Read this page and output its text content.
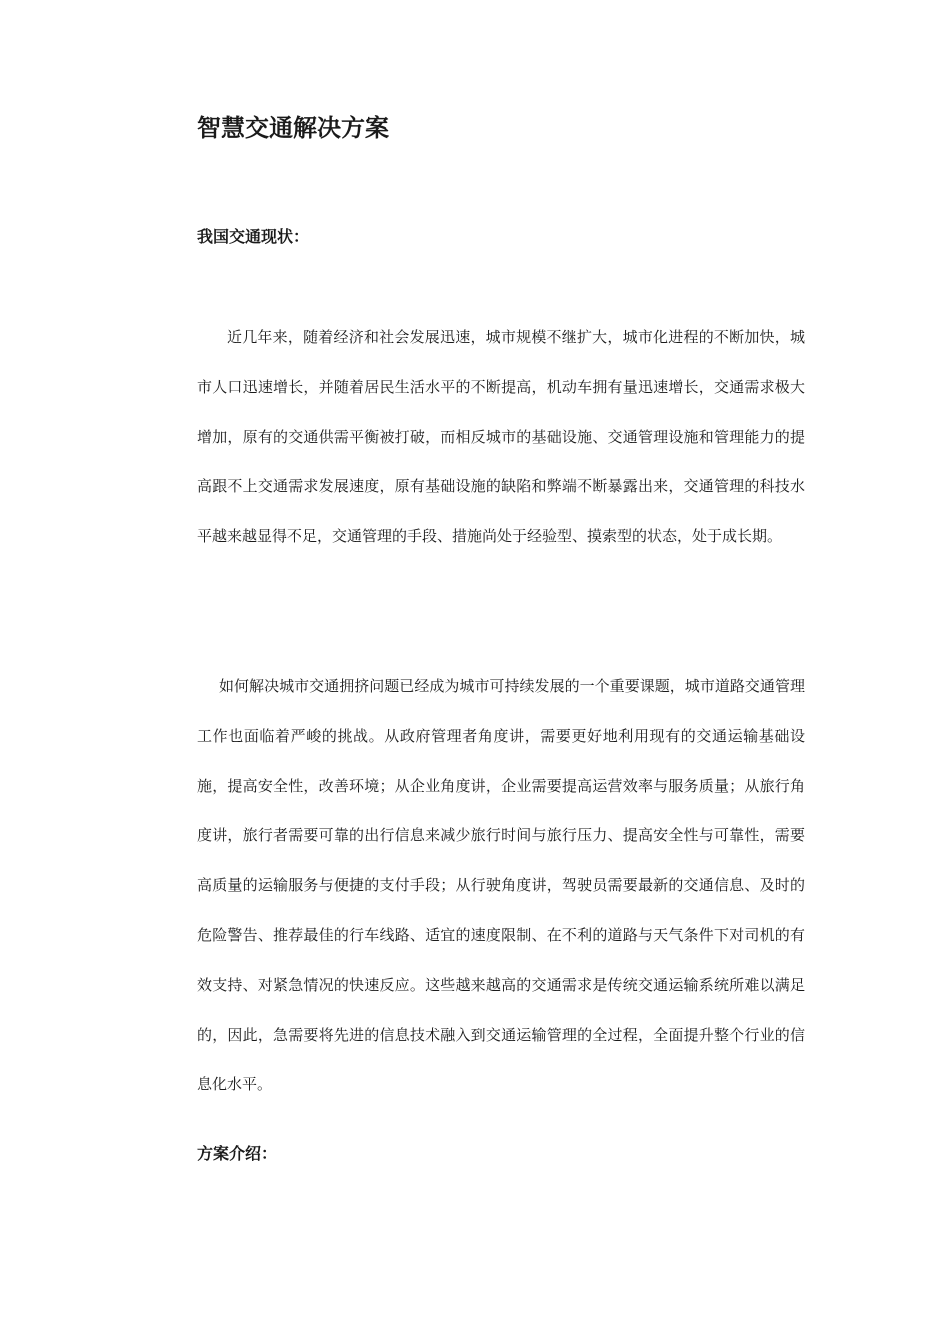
智慧交通解决方案
我国交通现状：

近几年来，随着经济和社会发展迅速，城市规模不继扩大，城市化进程的不断加快，城市人口迅速增长，并随着居民生活水平的不断提高，机动车拥有量迅速增长，交通需求极大增加，原有的交通供需平衡被打破，而相反城市的基础设施、交通管理设施和管理能力的提高跟不上交通需求发展速度，原有基础设施的缺陷和弊端不断暴露出来，交通管理的科技水平越来越显得不足，交通管理的手段、措施尚处于经验型、摸索型的状态，处于成长期。

如何解决城市交通拥挤问题已经成为城市可持续发展的一个重要课题，城市道路交通管理工作也面临着严峻的挑战。从政府管理者角度讲，需要更好地利用现有的交通运输基础设施，提高安全性，改善环境；从企业角度讲，企业需要提高运营效率与服务质量；从旅行角度讲，旅行者需要可靠的出行信息来减少旅行时间与旅行压力、提高安全性与可靠性，需要高质量的运输服务与便捷的支付手段；从行驶角度讲，驾驶员需要最新的交通信息、及时的危险警告、推荐最佳的行车线路、适宜的速度限制、在不利的道路与天气条件下对司机的有效支持、对紧急情况的快速反应。这些越来越高的交通需求是传统交通运输系统所难以满足的，因此，急需要将先进的信息技术融入到交通运输管理的全过程，全面提升整个行业的信息化水平。

方案介绍：
